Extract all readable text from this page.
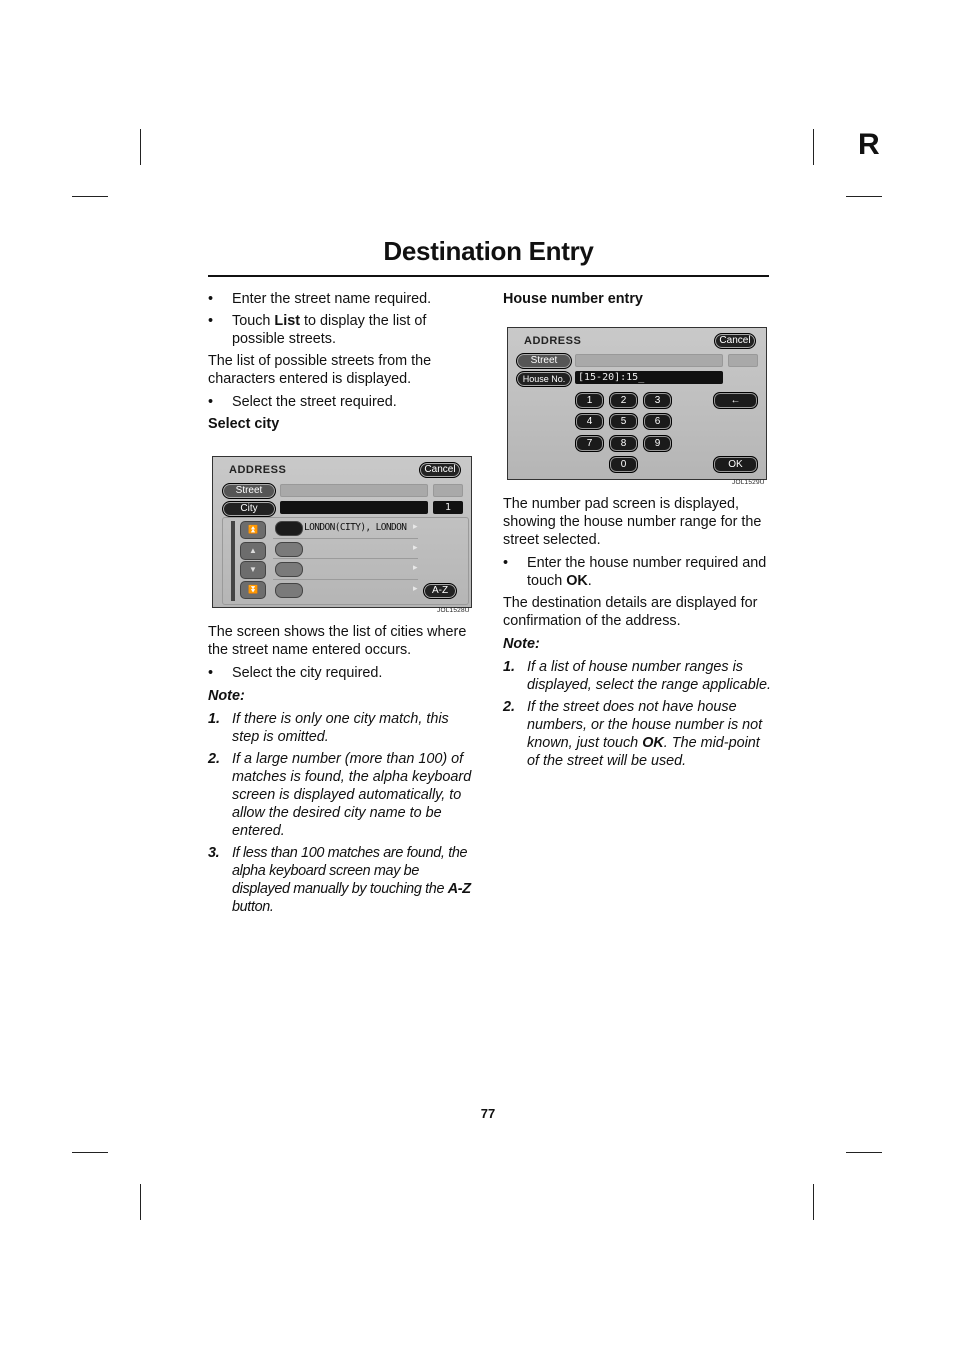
R
Destination Entry
• Enter the street name required.
• Touch List to display the list of possible streets.

The list of possible streets from the characters entered is displayed.

• Select the street required.

Select city

ADDRESS	Cancel
Street
City	1
⏫
▲
▼
⏬
LONDON(CITY), LONDON ▸
▸
▸
▸	A-Z
JOL1528U

The screen shows the list of cities where the street name entered occurs.

• Select the city required.

Note:

1. If there is only one city match, this step is omitted.
2. If a large number (more than 100) of matches is found, the alpha keyboard screen is displayed automatically, to allow the desired city name to be entered.
3. If less than 100 matches are found, the alpha keyboard screen may be displayed manually by touching the A-Z button.

House number entry

ADDRESS	Cancel
Street
House No.	[15-20]:15_
1	2	3
4	5	6
7	8	9
0
←
OK
JOL1529U

The number pad screen is displayed, showing the house number range for the street selected.

• Enter the house number required and touch OK.

The destination details are displayed for confirmation of the address.

Note:

1. If a list of house number ranges is displayed, select the range applicable.
2. If the street does not have house numbers, or the house number is not known, just touch OK. The mid-point of the street will be used.
77
